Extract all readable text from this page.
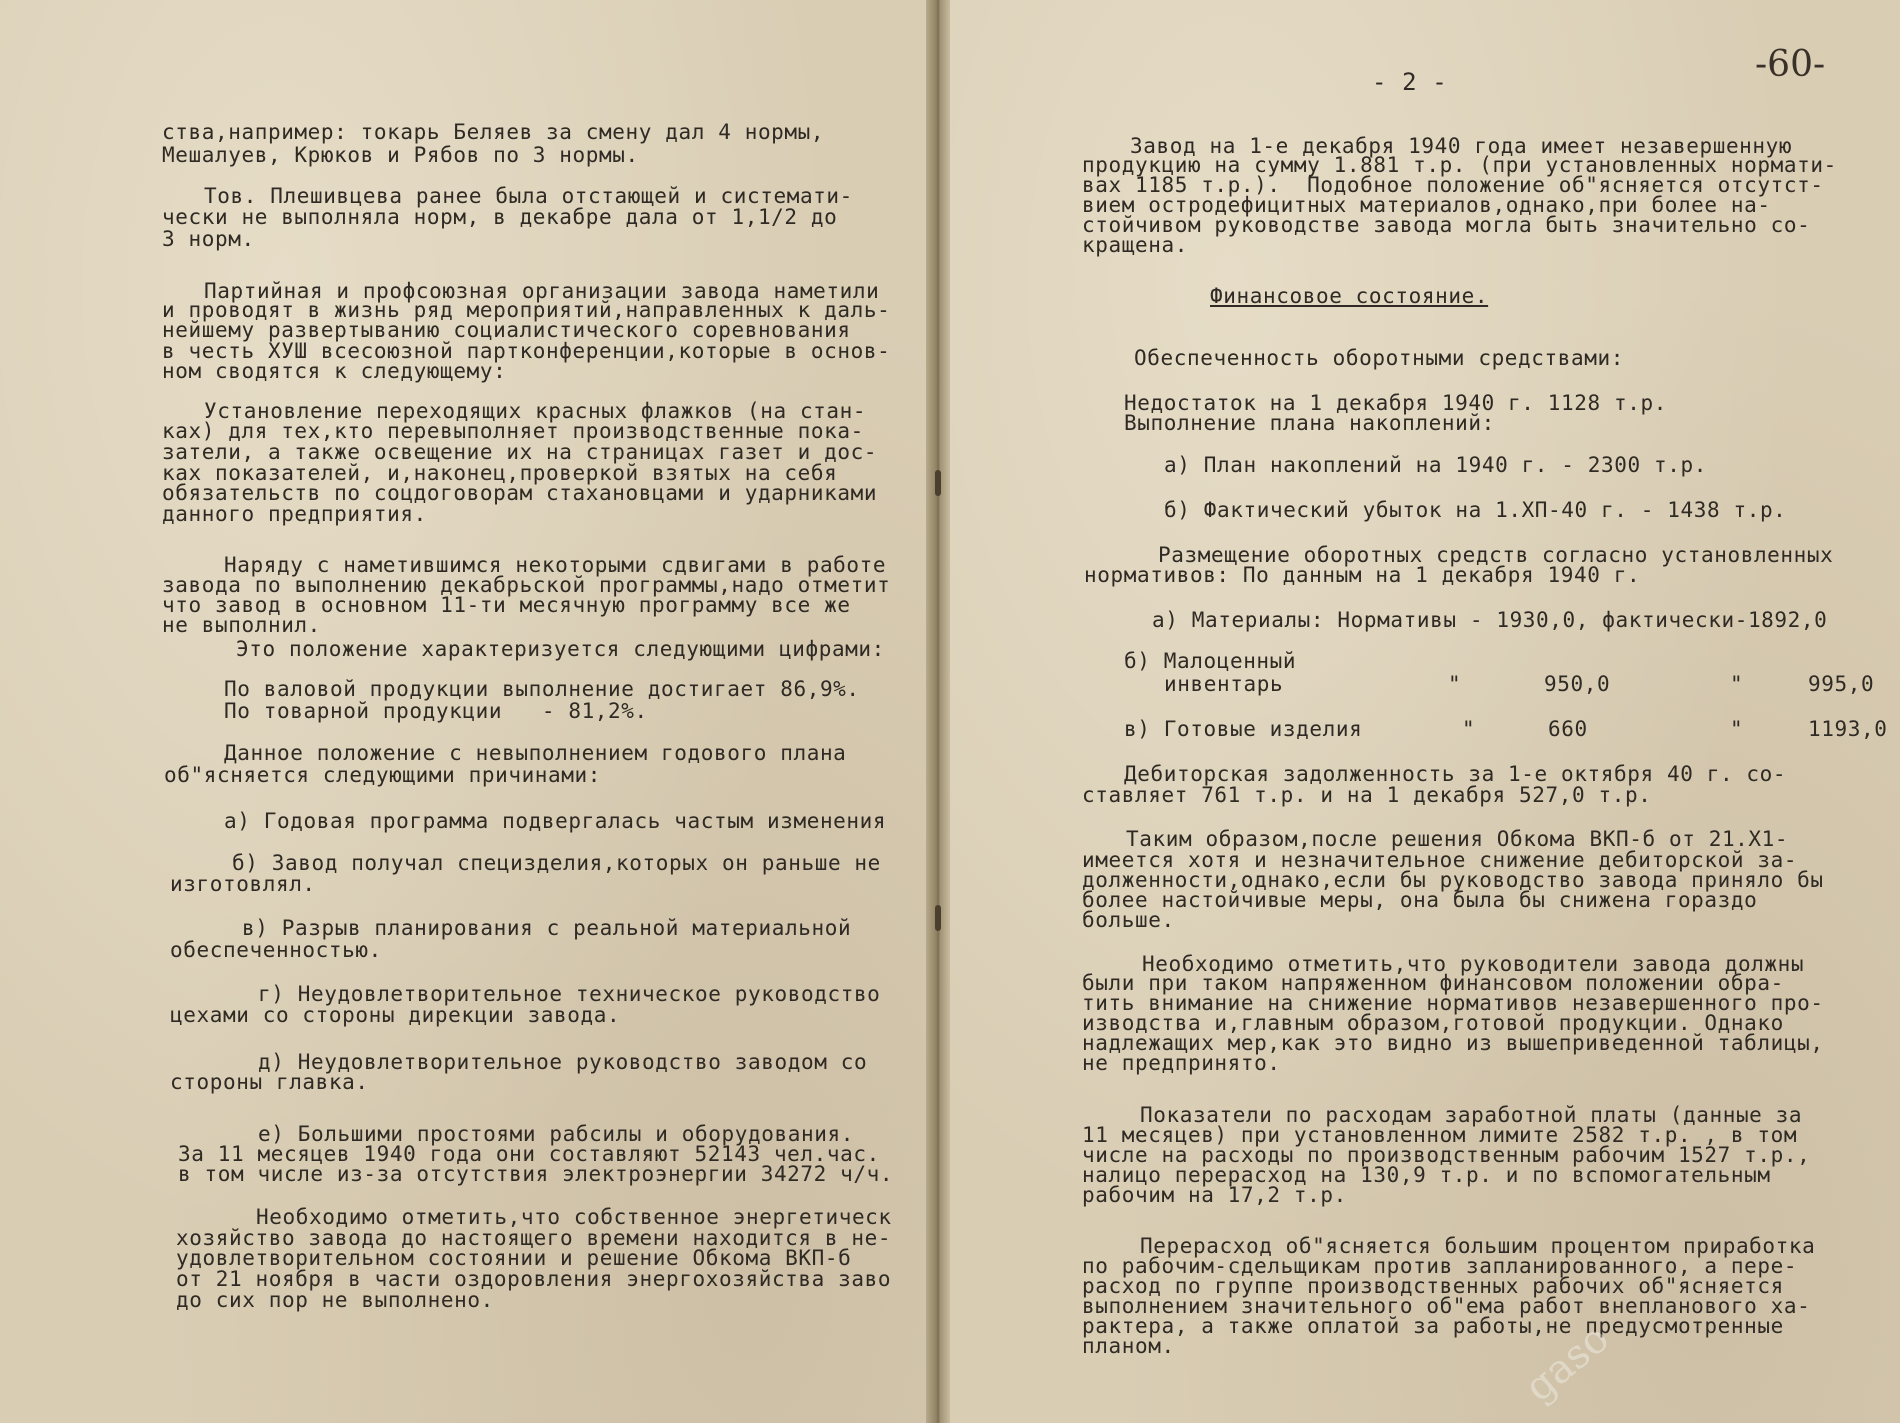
-60-
- 2 -
ства,например: токарь Беляев за смену дал 4 нормы,
Мешалуев, Крюков и Рябов по 3 нормы.
Тов. Плешивцева ранее была отстающей и системати-
чески не выполняла норм, в декабре дала от 1,1/2 до
3 норм.
Партийная и профсоюзная организации завода наметили
и проводят в жизнь ряд мероприятий,направленных к даль-
нейшему развертыванию социалистического соревнования
в честь ХУШ всесоюзной партконференции,которые в основ-
ном сводятся к следующему:
Установление переходящих красных флажков (на стан-
ках) для тех,кто перевыполняет производственные пока-
затели, а также освещение их на страницах газет и дос-
ках показателей, и,наконец,проверкой взятых на себя
обязательств по соцдоговорам стахановцами и ударниками
данного предприятия.
Наряду с наметившимся некоторыми сдвигами в работе
завода по выполнению декабрьской программы,надо отметит
что завод в основном 11-ти месячную программу все же
не выполнил.
Это положение характеризуется следующими цифрами:
По валовой продукции выполнение достигает 86,9%.
По товарной продукции   - 81,2%.
Данное положение с невыполнением годового плана
об"ясняется следующими причинами:
а) Годовая программа подвергалась частым изменения
б) Завод получал специзделия,которых он раньше не
изготовлял.
в) Разрыв планирования с реальной материальной
обеспеченностью.
г) Неудовлетворительное техническое руководство
цехами со стороны дирекции завода.
д) Неудовлетворительное руководство заводом со
стороны главка.
е) Большими простоями рабсилы и оборудования.
За 11 месяцев 1940 года они составляют 52143 чел.час.
в том числе из-за отсутствия электроэнергии 34272 ч/ч.
Необходимо отметить,что собственное энергетическ
хозяйство завода до настоящего времени находится в не-
удовлетворительном состоянии и решение Обкома ВКП-б
от 21 ноября в части оздоровления энергохозяйства заво
до сих пор не выполнено.
Завод на 1-е декабря 1940 года имеет незавершенную
продукцию на сумму 1.881 т.р. (при установленных нормати-
вах 1185 т.р.).  Подобное положение об"ясняется отсутст-
вием остродефицитных материалов,однако,при более на-
стойчивом руководстве завода могла быть значительно со-
кращена.
Финансовое состояние.
Обеспеченность оборотными средствами:
Недостаток на 1 декабря 1940 г. 1128 т.р.
Выполнение плана накоплений:
а) План накоплений на 1940 г. - 2300 т.р.
б) Фактический убыток на 1.ХП-40 г. - 1438 т.р.
Размещение оборотных средств согласно установленных
нормативов: По данным на 1 декабря 1940 г.
а) Материалы: Нормативы - 1930,0, фактически-1892,0
б) Малоценный
инвентарь	"	950,0	"	995,0
в) Готовые изделия	"	660	"	1193,0
Дебиторская задолженность за 1-е октября 40 г. со-
ставляет 761 т.р. и на 1 декабря 527,0 т.р.
Таким образом,после решения Обкома ВКП-б от 21.Х1-
имеется хотя и незначительное снижение дебиторской за-
долженности,однако,если бы руководство завода приняло бы
более настойчивые меры, она была бы снижена гораздо
больше.
Необходимо отметить,что руководители завода должны
были при таком напряженном финансовом положении обра-
тить внимание на снижение нормативов незавершенного про-
изводства и,главным образом,готовой продукции. Однако
надлежащих мер,как это видно из вышеприведенной таблицы,
не предпринято.
Показатели по расходам заработной платы (данные за
11 месяцев) при установленном лимите 2582 т.р. , в том
числе на расходы по производственным рабочим 1527 т.р.,
налицо перерасход на 130,9 т.р. и по вспомогательным
рабочим на 17,2 т.р.
Перерасход об"ясняется большим процентом приработка
по рабочим-сдельщикам против запланированного, а пере-
расход по группе производственных рабочих об"ясняется
выполнением значительного об"ема работ внепланового ха-
рактера, а также оплатой за работы,не предусмотренные
планом.	gaso
